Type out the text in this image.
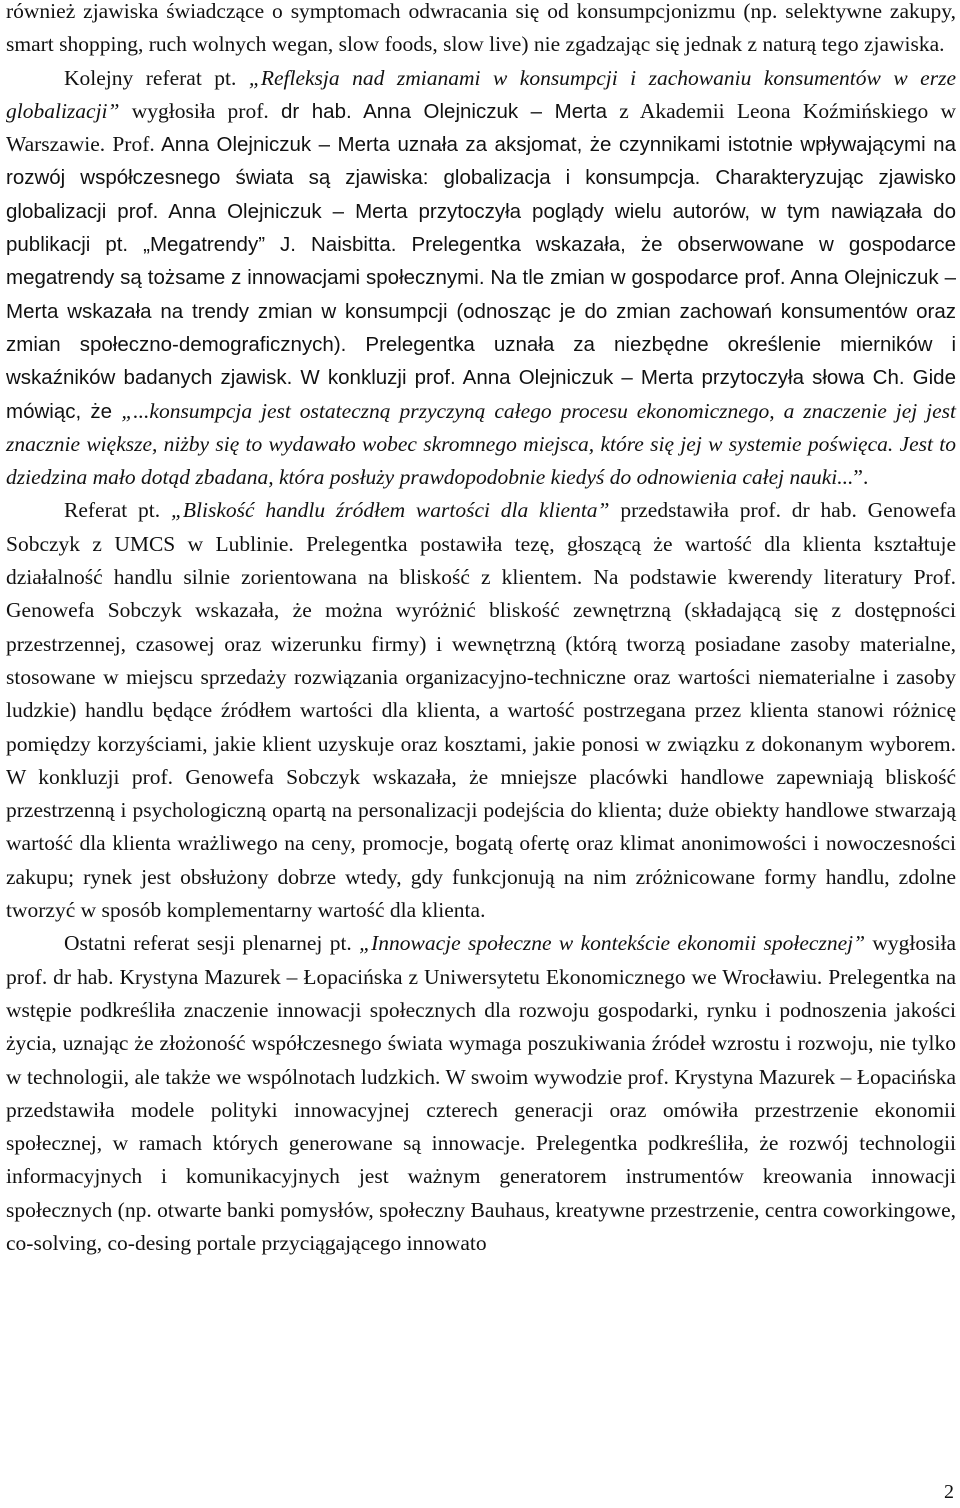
również zjawiska świadczące o symptomach odwracania się od konsumpcjonizmu (np. selektywne zakupy, smart shopping, ruch wolnych wegan, slow foods, slow live) nie zgadzając się jednak z naturą tego zjawiska.

Kolejny referat pt. „Refleksja nad zmianami w konsumpcji i zachowaniu konsumentów w erze globalizacji” wygłosiła prof. dr hab. Anna Olejniczuk – Merta z Akademii Leona Koźmińskiego w Warszawie. Prof. Anna Olejniczuk – Merta uznała za aksjomat, że czynnikami istotnie wpływającymi na rozwój współczesnego świata są zjawiska: globalizacja i konsumpcja. Charakteryzując zjawisko globalizacji prof. Anna Olejniczuk – Merta przytoczyła poglądy wielu autorów, w tym nawiązała do publikacji pt. „Megatrendy” J. Naisbitta. Prelegentka wskazała, że obserwowane w gospodarce megatrendy są tożsame z innowacjami społecznymi. Na tle zmian w gospodarce prof. Anna Olejniczuk – Merta wskazała na trendy zmian w konsumpcji (odnosząc je do zmian zachowań konsumentów oraz zmian społeczno-demograficznych). Prelegentka uznała za niezbędne określenie mierników i wskaźników badanych zjawisk. W konkluzji prof. Anna Olejniczuk – Merta przytoczyła słowa Ch. Gide mówiąc, że „...konsumpcja jest ostateczną przyczyną całego procesu ekonomicznego, a znaczenie jej jest znacznie większe, niżby się to wydawało wobec skromnego miejsca, które się jej w systemie poświęca. Jest to dziedzina mało dotąd zbadana, która posłuży prawdopodobnie kiedyś do odnowienia całej nauki...”.

Referat pt. „Bliskość handlu źródłem wartości dla klienta” przedstawiła prof. dr hab. Genowefa Sobczyk z UMCS w Lublinie. Prelegentka postawiła tezę, głoszącą że wartość dla klienta kształtuje działalność handlu silnie zorientowana na bliskość z klientem. Na podstawie kwerendy literatury Prof. Genowefa Sobczyk wskazała, że można wyróżnić bliskość zewnętrzną (składającą się z dostępności przestrzennej, czasowej oraz wizerunku firmy) i wewnętrzną (którą tworzą posiadane zasoby materialne, stosowane w miejscu sprzedaży rozwiązania organizacyjno-techniczne oraz wartości niematerialne i zasoby ludzkie) handlu będące źródłem wartości dla klienta, a wartość postrzegana przez klienta stanowi różnicę pomiędzy korzyściami, jakie klient uzyskuje oraz kosztami, jakie ponosi w związku z dokonanym wyborem. W konkluzji prof. Genowefa Sobczyk wskazała, że mniejsze placówki handlowe zapewniają bliskość przestrzenną i psychologiczną opartą na personalizacji podejścia do klienta; duże obiekty handlowe stwarzają wartość dla klienta wrażliwego na ceny, promocje, bogatą ofertę oraz klimat anonimowości i nowoczesności zakupu; rynek jest obsłużony dobrze wtedy, gdy funkcjonują na nim zróżnicowane formy handlu, zdolne tworzyć w sposób komplementarny wartość dla klienta.

Ostatni referat sesji plenarnej pt. „Innowacje społeczne w kontekście ekonomii społecznej” wygłosiła prof. dr hab. Krystyna Mazurek – Łopacińska z Uniwersytetu Ekonomicznego we Wrocławiu. Prelegentka na wstępie podkreśliła znaczenie innowacji społecznych dla rozwoju gospodarki, rynku i podnoszenia jakości życia, uznając że złożoność współczesnego świata wymaga poszukiwania źródeł wzrostu i rozwoju, nie tylko w technologii, ale także we wspólnotach ludzkich. W swoim wywodzie prof. Krystyna Mazurek – Łopacińska przedstawiła modele polityki innowacyjnej czterech generacji oraz omówiła przestrzenie ekonomii społecznej, w ramach których generowane są innowacje. Prelegentka podkreśliła, że rozwój technologii informacyjnych i komunikacyjnych jest ważnym generatorem instrumentów kreowania innowacji społecznych (np. otwarte banki pomysłów, społeczny Bauhaus, kreatywne przestrzenie, centra coworkingowe, co-solving, co-desing portale przyciągającego innowato

2
